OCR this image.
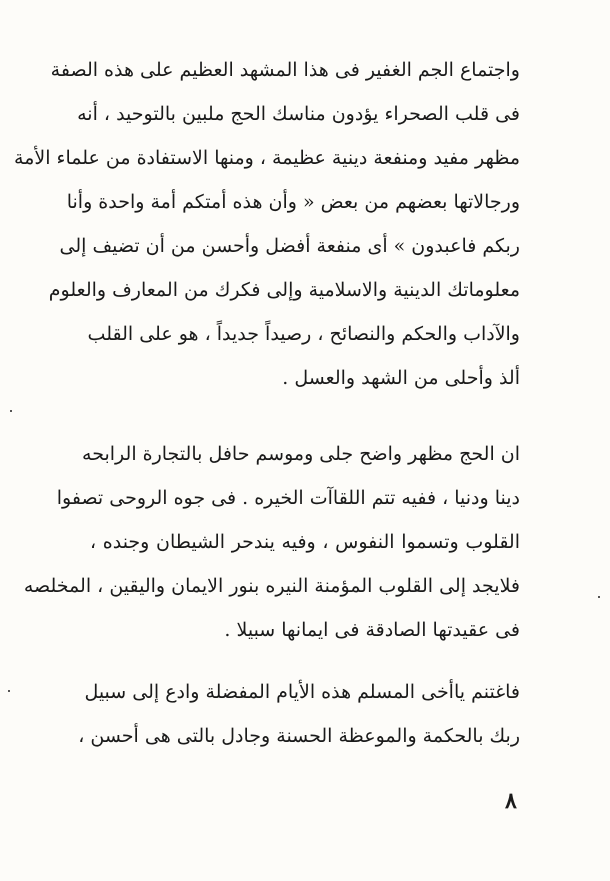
واجتماع الجم الغفير فى هذا المشهد العظيم على هذه الصفة
فى قلب الصحراء يؤدون مناسك الحج ملبين بالتوحيد ، أنه
مظهر مفيد ومنفعة دينية عظيمة ، ومنها الاستفادة من علماء الأمة
ورجالاتها بعضهم من بعض « وأن هذه أمتكم أمة واحدة وأنا
ربكم فاعبدون » أى منفعة أفضل وأحسن من أن تضيف إلى
معلوماتك الدينية والاسلامية وإلى فكرك من المعارف والعلوم
والآداب والحكم والنصائح ، رصيداً جديداً ، هو على القلب
ألذ وأحلى من الشهد والعسل .
ان الحج مظهر واضح جلى وموسم حافل بالتجارة الرابحه
دينا ودنيا ، ففيه تتم اللقاآت الخيره . فى جوه الروحى تصفوا
القلوب وتسموا النفوس ، وفيه يندحر الشيطان وجنده ،
فلايجد إلى القلوب المؤمنة النيره بنور الايمان واليقين ، المخلصه
فى عقيدتها الصادقة فى ايمانها سبيلا .
فاغتنم ياأخى المسلم هذه الأيام المفضلة وادع إلى سبيل
ربك بالحكمة والموعظة الحسنة وجادل بالتى هى أحسن ،
٨
